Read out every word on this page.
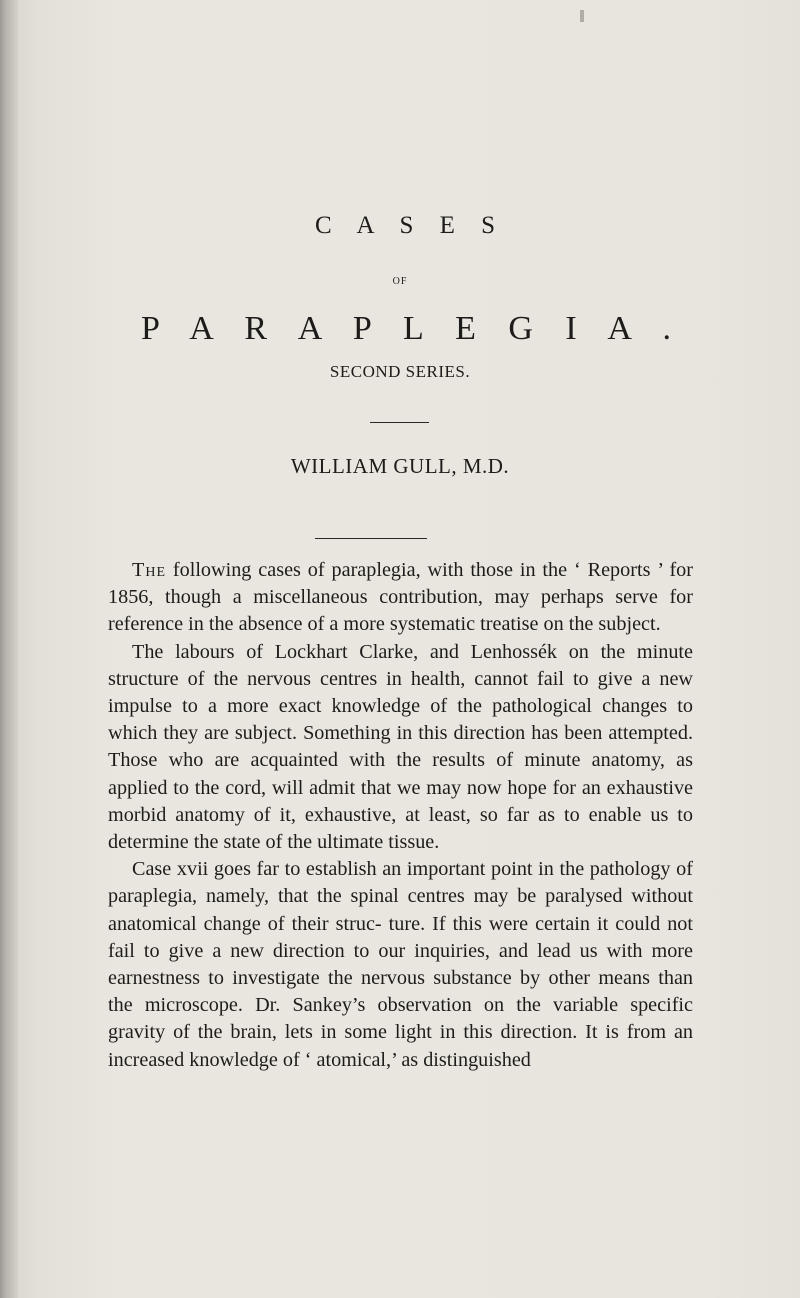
C A S E S
OF
P A R A P L E G I A .
SECOND SERIES.
WILLIAM GULL, M.D.

The following cases of paraplegia, with those in the ‘ Reports ’ for 1856, though a miscellaneous contribution, may perhaps serve for reference in the absence of a more systematic treatise on the subject.

The labours of Lockhart Clarke, and Lenhossék on the minute structure of the nervous centres in health, cannot fail to give a new impulse to a more exact knowledge of the pathological changes to which they are subject. Something in this direction has been attempted. Those who are acquainted with the results of minute anatomy, as applied to the cord, will admit that we may now hope for an exhaustive morbid anatomy of it, exhaustive, at least, so far as to enable us to determine the state of the ultimate tissue.

Case xvii goes far to establish an important point in the pathology of paraplegia, namely, that the spinal centres may be paralysed without anatomical change of their struc- ture. If this were certain it could not fail to give a new direction to our inquiries, and lead us with more earnestness to investigate the nervous substance by other means than the microscope. Dr. Sankey’s observation on the variable specific gravity of the brain, lets in some light in this direction. It is from an increased knowledge of ‘ atomical,’ as distinguished
